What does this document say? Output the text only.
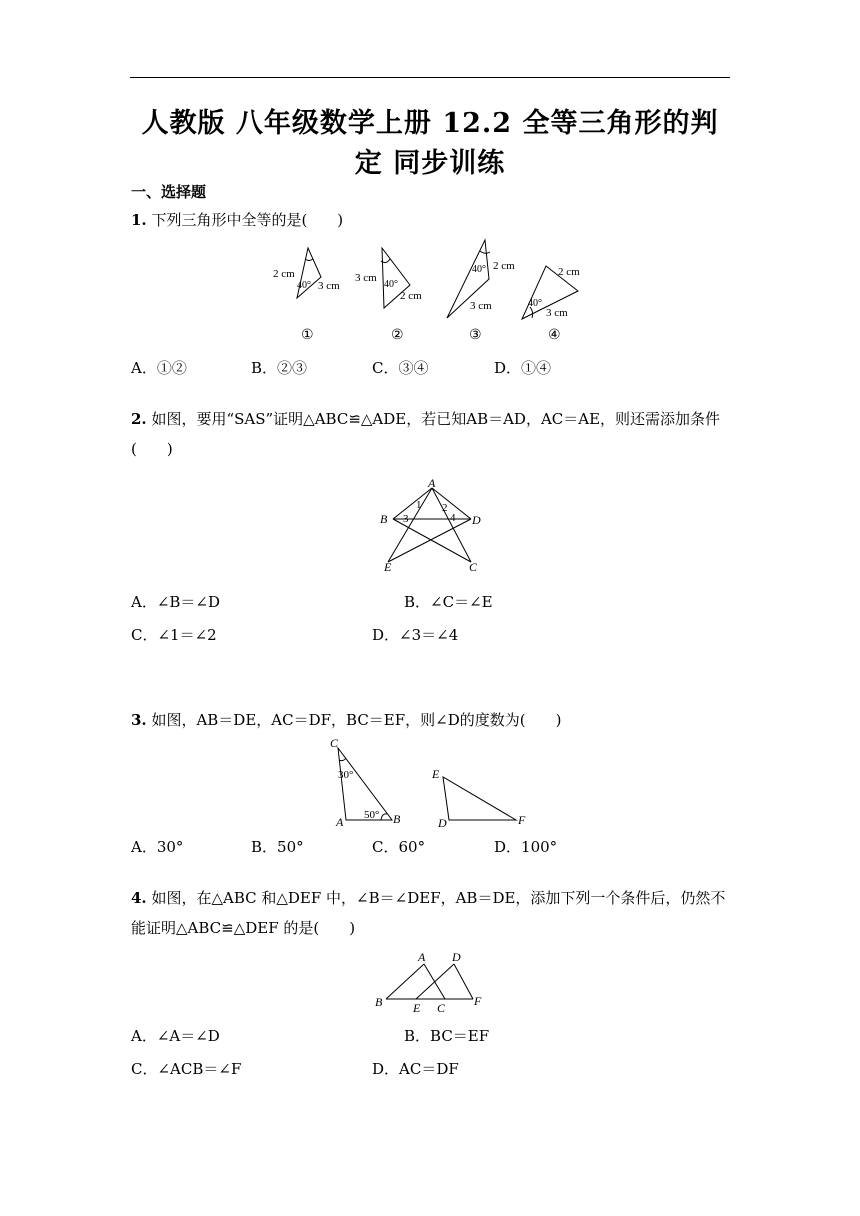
人教版 八年级数学上册 12.2 全等三角形的判
定 同步训练
一、选择题
1. 下列三角形中全等的是(　　)
2 cm
40° 3 cm
3 cm
40°
2 cm
40° 2 cm
3 cm
2 cm
40°
3 cm
①	②	③	④
A．①②	B．②③	C．③④	D．①④
2. 如图，要用“SAS”证明△ABC≌△ADE，若已知AB＝AD，AC＝AE，则还需添加条件(　　)
A
B	D
E	C
1 2
3	4
A．∠B＝∠D	B．∠C＝∠E
C．∠1＝∠2	D．∠3＝∠4
3. 如图，AB＝DE，AC＝DF，BC＝EF，则∠D的度数为(　　)
C
A	B
E
D	F
30°
50°
A．30°	B．50°	C．60°	D．100°
4. 如图，在△ABC 和△DEF 中，∠B＝∠DEF，AB＝DE，添加下列一个条件后，仍然不能证明△ABC≌△DEF 的是(　　)
A D
B	E C F
A．∠A＝∠D	B．BC＝EF
C．∠ACB＝∠F	D．AC＝DF
